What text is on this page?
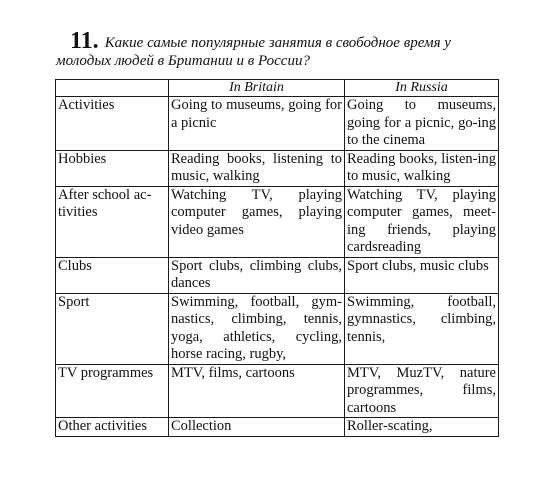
11. Какие самые популярные занятия в свободное время у
молодых людей в Британии и в России?
	In Britain	In Russia
Activities	Going to museums, going for a picnic	Going to museums, going for a picnic, go-ing to the cinema
Hobbies	Reading books, listening to music, walking	Reading books, listen-ing to music, walking
After school ac-tivities	Watching TV, playing computer games, playing video games	Watching TV, playing computer games, meet-ing friends, playing cardsreading
Clubs	Sport clubs, climbing clubs, dances	Sport clubs, music clubs
Sport	Swimming, football, gym-nastics, climbing, tennis, yoga, athletics, cycling, horse racing, rugby,	Swimming, football, gymnastics, climbing, tennis,
TV programmes	MTV, films, cartoons	MTV, MuzTV, nature programmes, films, cartoons
Other activities	Collection	Roller-scating,
